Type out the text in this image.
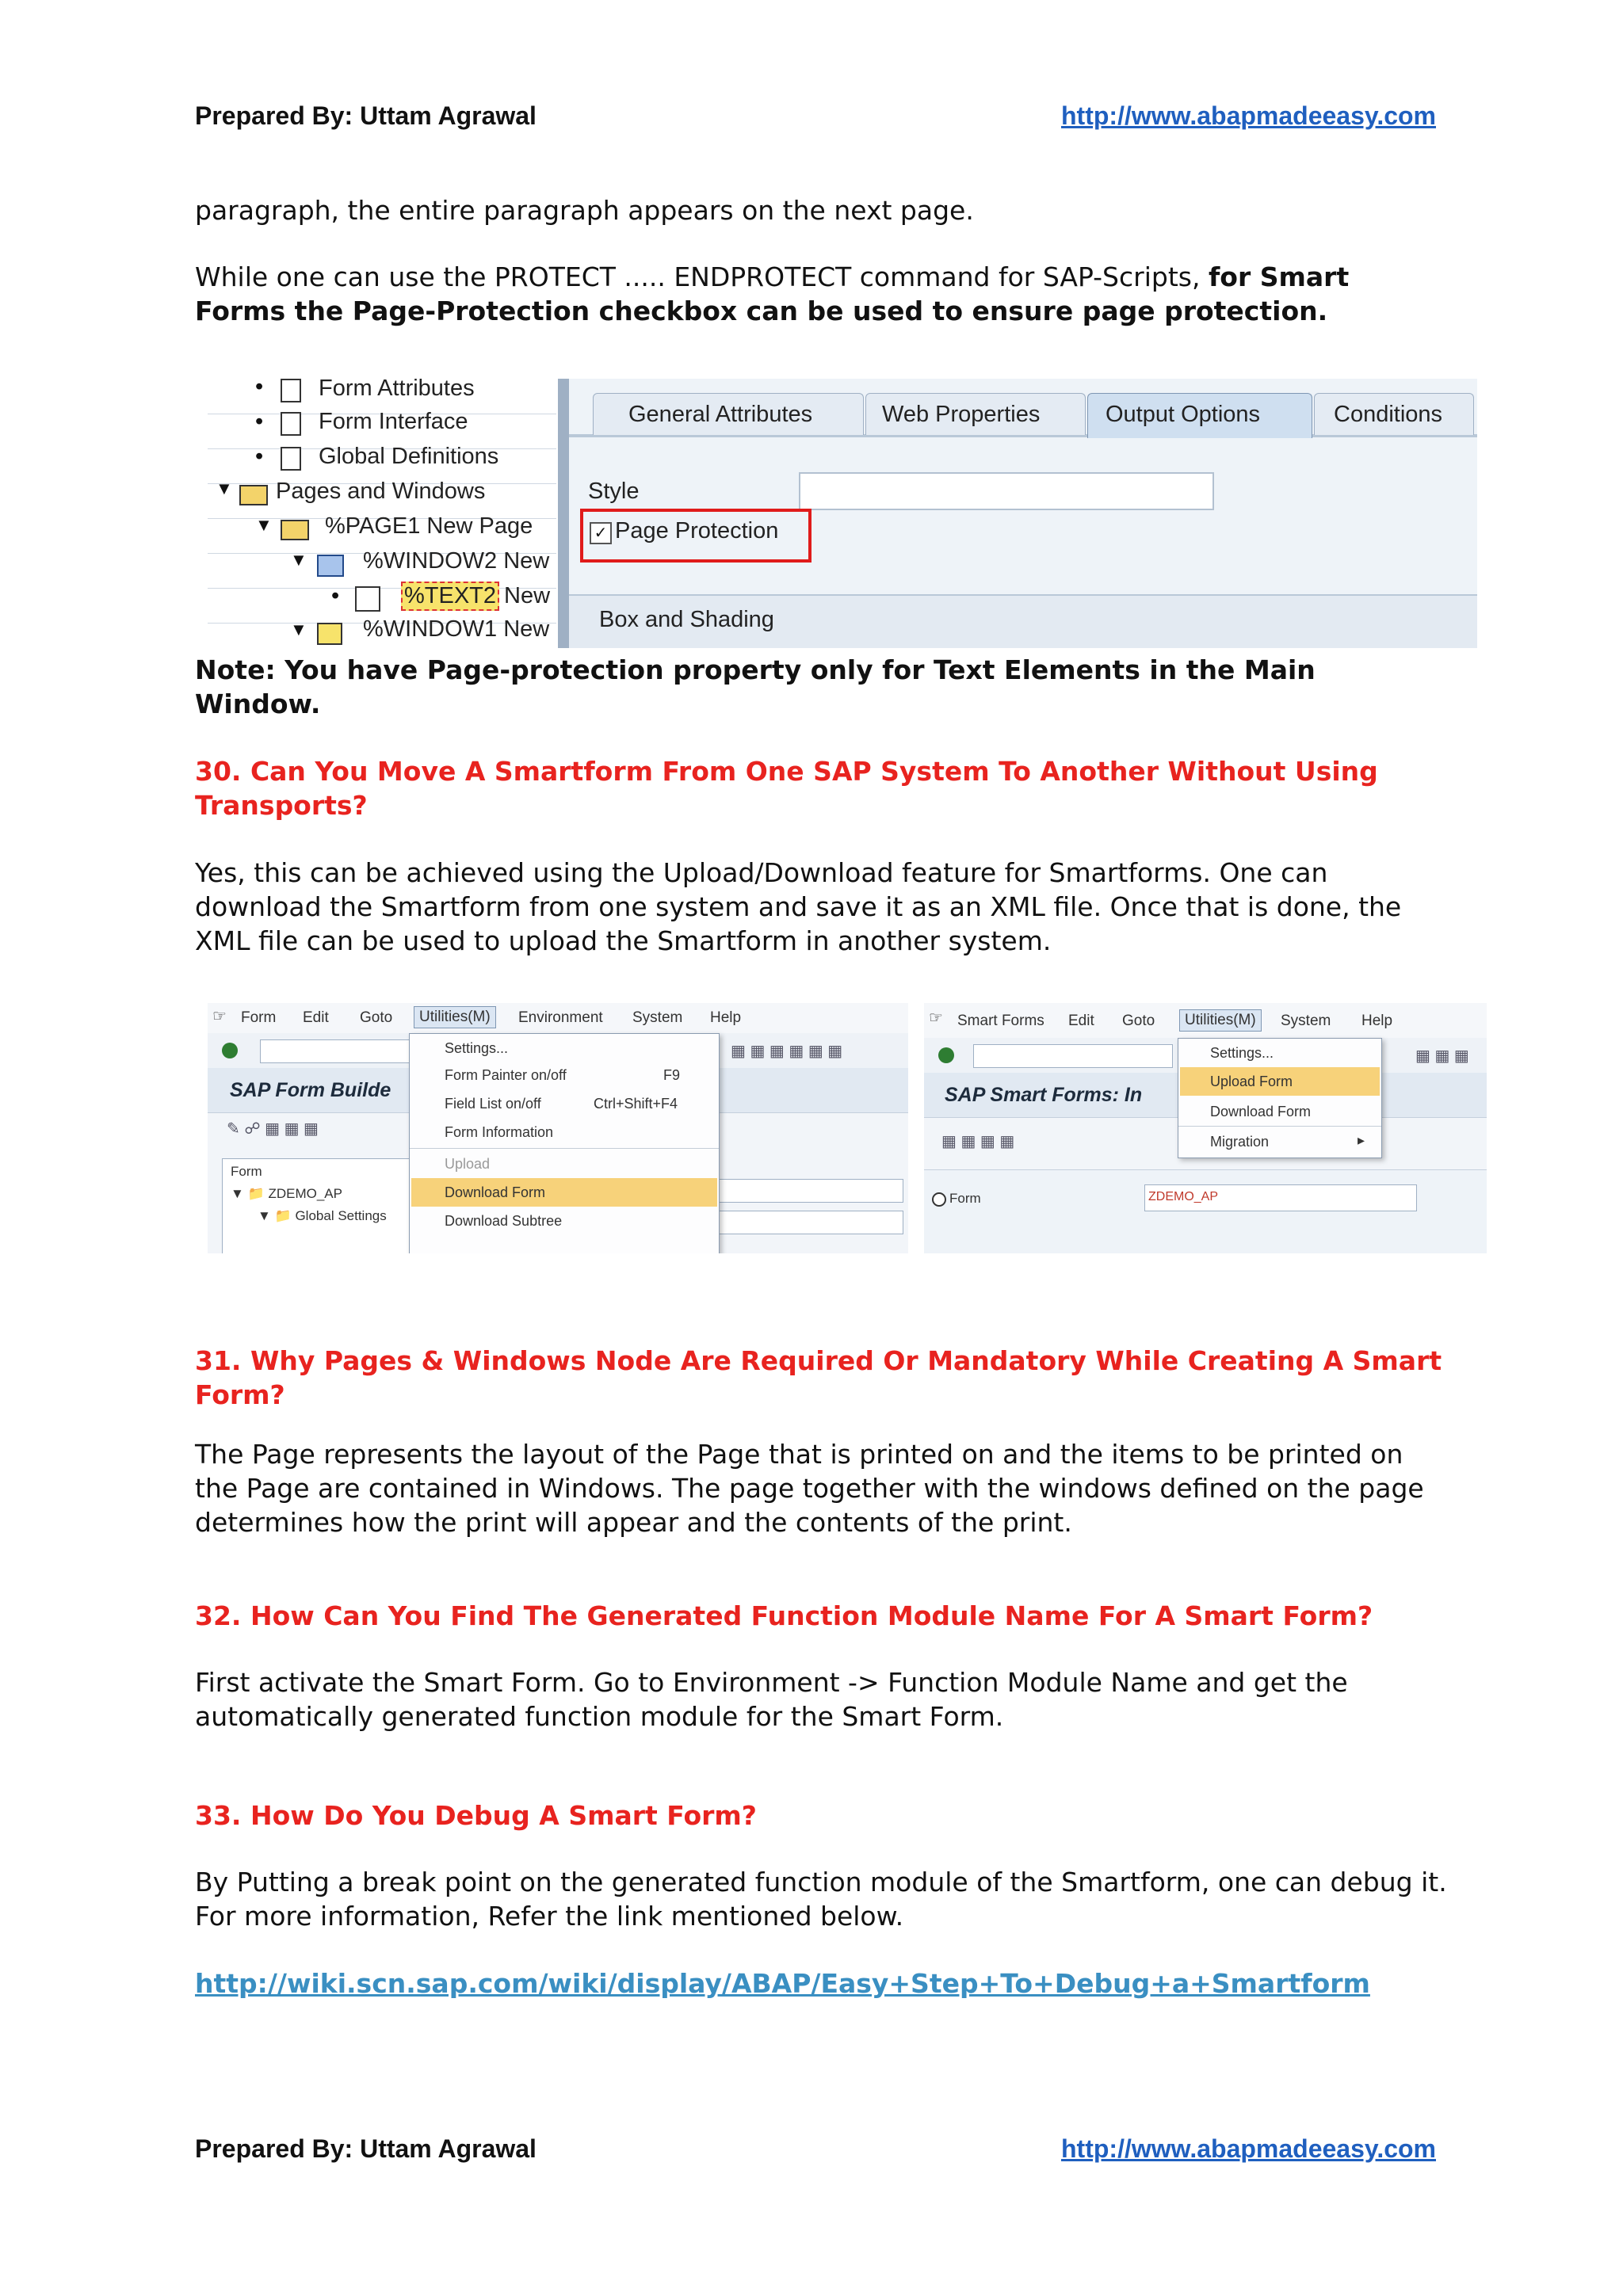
Prepared By: Uttam Agrawal	http://www.abapmadeeasy.com

paragraph, the entire paragraph appears on the next page.

While one can use the PROTECT ..... ENDPROTECT command for SAP-Scripts, for Smart Forms the Page-Protection checkbox can be used to ensure page protection.

• Form Attributes
• Form Interface
• Global Definitions
▼ Pages and Windows
▼ %PAGE1 New Page
▼ %WINDOW2 New
•	%TEXT2 New
▼ %WINDOW1 New
General Attributes	Web Properties	Output Options	Conditions
Style
✓ Page Protection
Box and Shading

Note: You have Page-protection property only for Text Elements in the Main Window.

30. Can You Move A Smartform From One SAP System To Another Without Using Transports?

Yes, this can be achieved using the Upload/Download feature for Smartforms. One can download the Smartform from one system and save it as an XML file. Once that is done, the XML file can be used to upload the Smartform in another system.

☞ Form Edit Goto	Utilities(M)	Environment System Help
▦ ▦ ▦ ▦ ▦ ▦
SAP Form Builde
✎ ☍ ▦ ▦ ▦
Form
▼ 📁 ZDEMO_AP
▼ 📁 Global Settings
Settings...
Form Painter on/off	F9
Field List on/off	Ctrl+Shift+F4
Form Information
Upload
Download Form
Download Subtree
☞ Smart Forms Edit Goto	Utilities(M)	System Help
▦ ▦ ▦
SAP Smart Forms: In
▦ ▦ ▦ ▦
Form	ZDEMO_AP
Settings...
Upload Form
Download Form
Migration	▸

31. Why Pages & Windows Node Are Required Or Mandatory While Creating A Smart Form?

The Page represents the layout of the Page that is printed on and the items to be printed on the Page are contained in Windows. The page together with the windows defined on the page determines how the print will appear and the contents of the print.

32. How Can You Find The Generated Function Module Name For A Smart Form?

First activate the Smart Form. Go to Environment -> Function Module Name and get the automatically generated function module for the Smart Form.

33. How Do You Debug A Smart Form?

By Putting a break point on the generated function module of the Smartform, one can debug it. For more information, Refer the link mentioned below.

http://wiki.scn.sap.com/wiki/display/ABAP/Easy+Step+To+Debug+a+Smartform
Prepared By: Uttam Agrawal	http://www.abapmadeeasy.com
